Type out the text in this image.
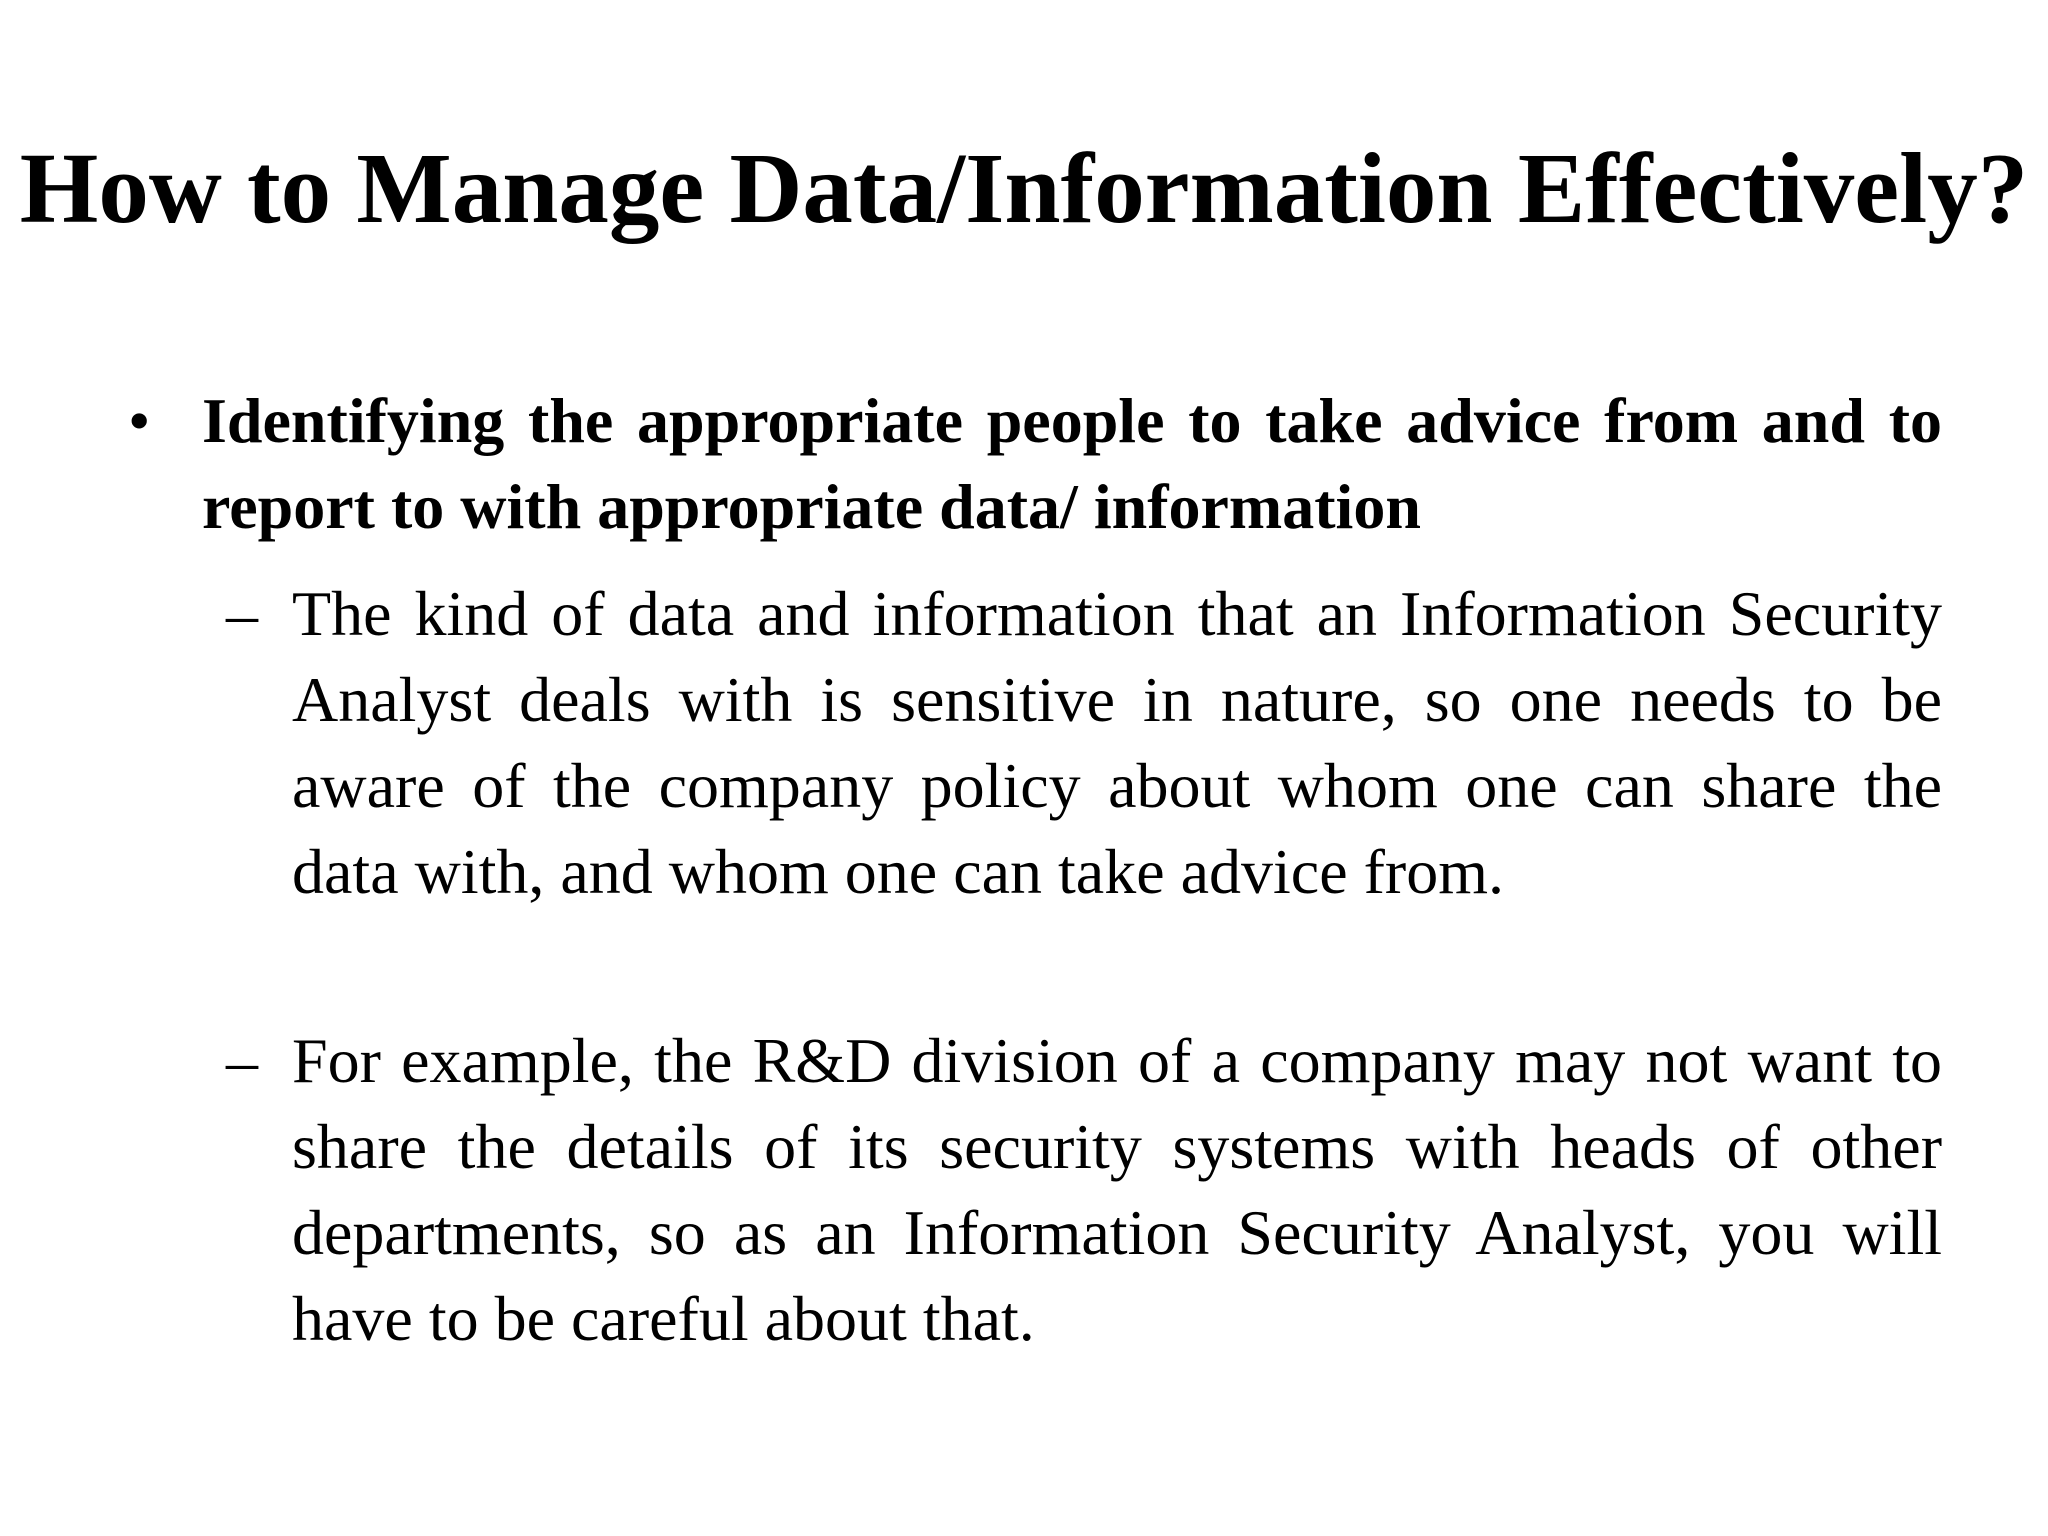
How to Manage Data/Information Effectively?
• Identifying the appropriate people to take advice from and to report to with appropriate data/ information
– The kind of data and information that an Information Security Analyst deals with is sensitive in nature, so one needs to be aware of the company policy about whom one can share the data with, and whom one can take advice from.
– For example, the R&D division of a company may not want to share the details of its security systems with heads of other departments, so as an Information Security Analyst, you will have to be careful about that.
